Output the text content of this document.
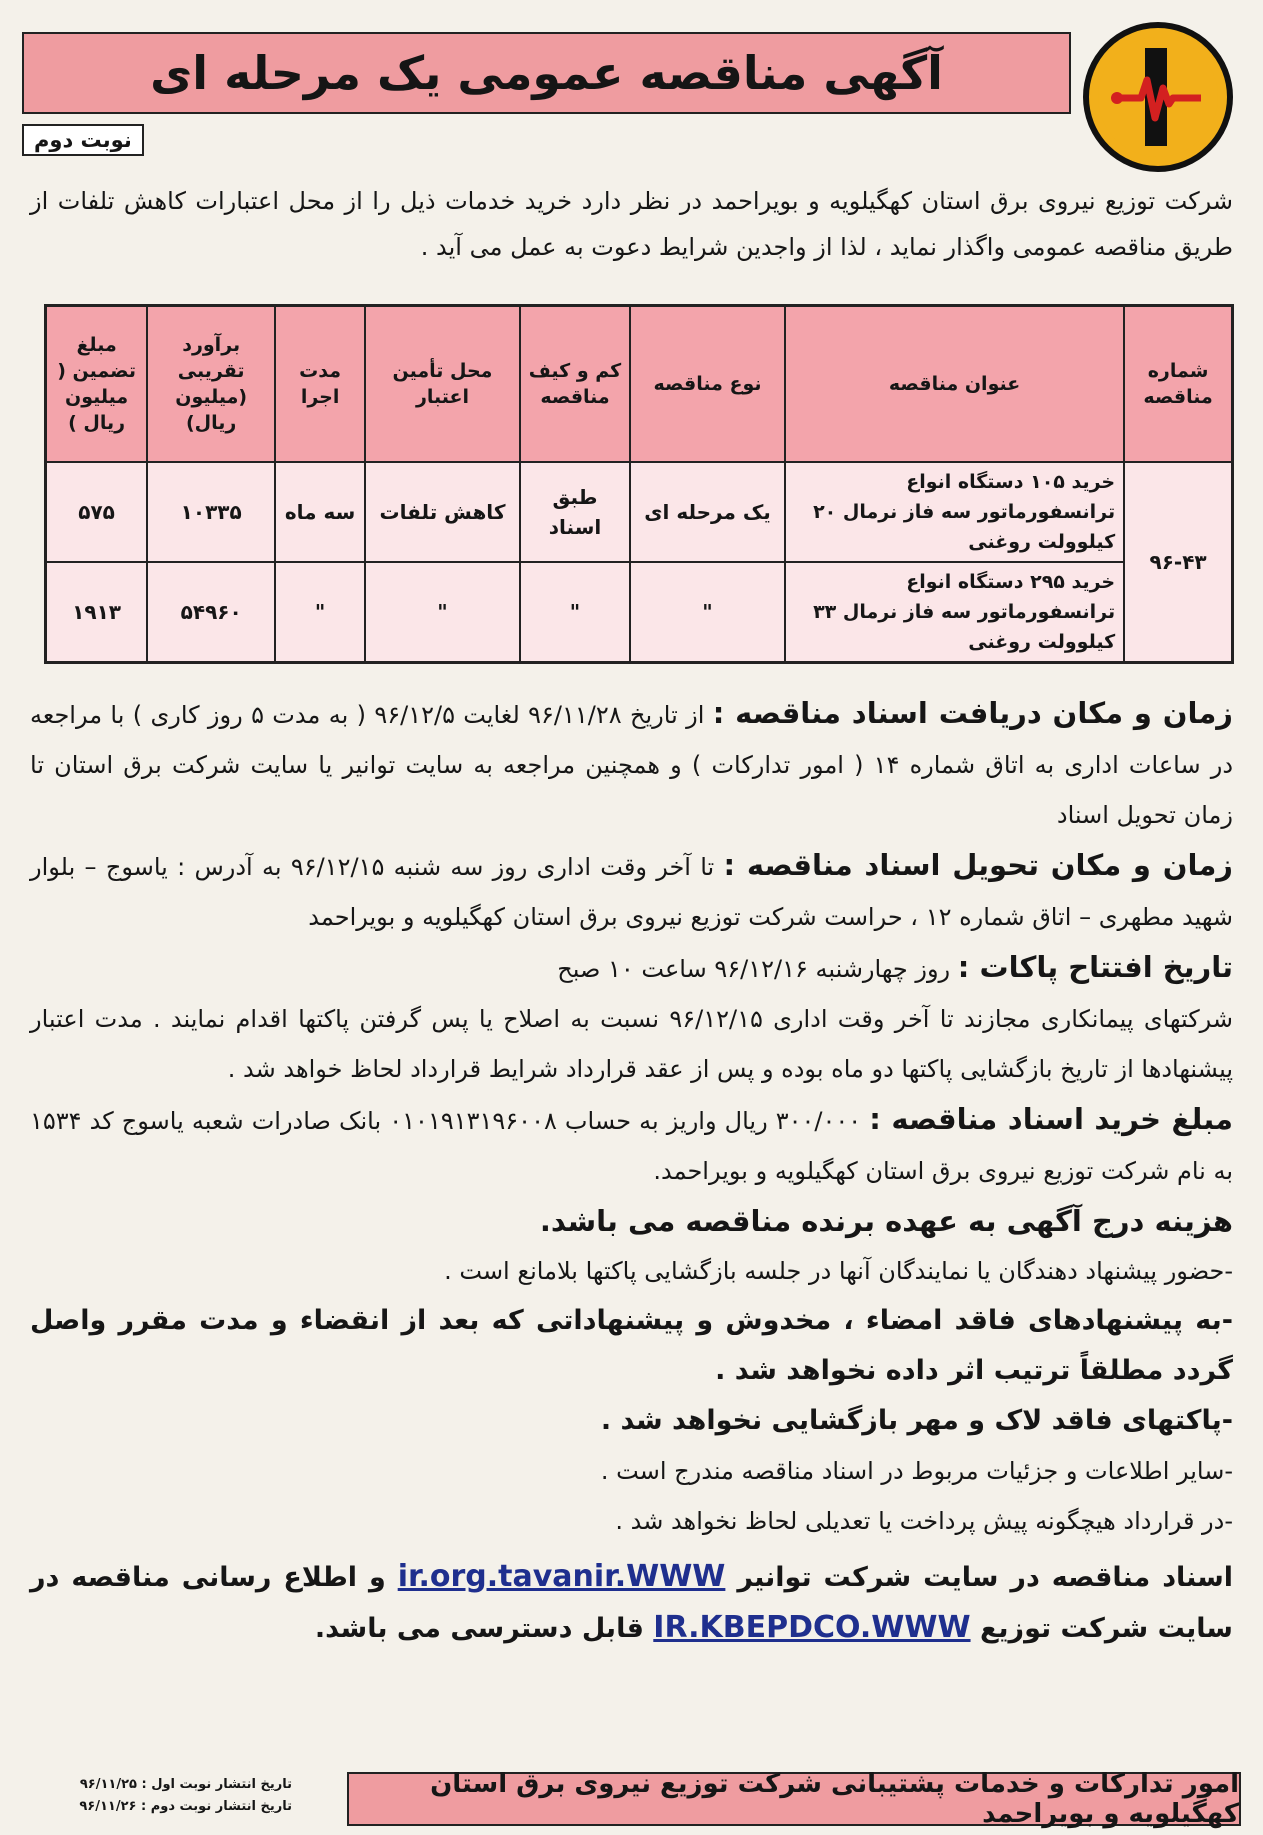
آگهی مناقصه عمومی یک مرحله ای
نوبت دوم
شرکت توزیع نیروی برق استان کهگیلویه و بویراحمد در نظر دارد خرید خدمات ذیل را از محل اعتبارات کاهش تلفات از طریق مناقصه عمومی واگذار نماید ، لذا از واجدین شرایط دعوت به عمل می آید .
شماره مناقصه	عنوان مناقصه	نوع مناقصه	کم و کیف مناقصه	محل تأمین اعتبار	مدت اجرا	برآورد تقریبی (میلیون ریال)	مبلغ تضمین ( میلیون ریال )
۹۶-۴۳	خرید ۱۰۵ دستگاه انواع ترانسفورماتور سه فاز نرمال ۲۰ کیلوولت روغنی	یک مرحله ای	طبق اسناد	کاهش تلفات	سه ماه	۱۰۳۳۵	۵۷۵
	خرید ۲۹۵ دستگاه انواع ترانسفورماتور سه فاز نرمال ۳۳ کیلوولت روغنی	"	"	"	"	۵۴۹۶۰	۱۹۱۳

زمان و مکان دریافت اسناد مناقصه : از تاریخ ۹۶/۱۱/۲۸ لغایت ۹۶/۱۲/۵ ( به مدت ۵ روز کاری ) با مراجعه در ساعات اداری به اتاق شماره ۱۴ ( امور تدارکات ) و همچنین مراجعه به سایت توانیر یا سایت شرکت برق استان تا زمان تحویل اسناد

زمان و مکان تحویل اسناد مناقصه : تا آخر وقت اداری روز سه شنبه ۹۶/۱۲/۱۵ به آدرس : یاسوج – بلوار شهید مطهری – اتاق شماره ۱۲ ، حراست شرکت توزیع نیروی برق استان کهگیلویه و بویراحمد

تاریخ افتتاح پاکات : روز چهارشنبه ۹۶/۱۲/۱۶ ساعت ۱۰ صبح

شرکتهای پیمانکاری مجازند تا آخر وقت اداری ۹۶/۱۲/۱۵ نسبت به اصلاح یا پس گرفتن پاکتها اقدام نمایند . مدت اعتبار پیشنهادها از تاریخ بازگشایی پاکتها دو ماه بوده و پس از عقد قرارداد شرایط قرارداد لحاظ خواهد شد .

مبلغ خرید اسناد مناقصه : ۳۰۰/۰۰۰ ریال واریز به حساب ۰۱۰۱۹۱۳۱۹۶۰۰۸ بانک صادرات شعبه یاسوج کد ۱۵۳۴ به نام شرکت توزیع نیروی برق استان کهگیلویه و بویراحمد.

هزینه درج آگهی به عهده برنده مناقصه می باشد.

-حضور پیشنهاد دهندگان یا نمایندگان آنها در جلسه بازگشایی پاکتها بلامانع است .

-به پیشنهادهای فاقد امضاء ، مخدوش و پیشنهاداتی که بعد از انقضاء و مدت مقرر واصل گردد مطلقاً ترتیب اثر داده نخواهد شد .

-پاکتهای فاقد لاک و مهر بازگشایی نخواهد شد .

-سایر اطلاعات و جزئیات مربوط در اسناد مناقصه مندرج است .

-در قرارداد هیچگونه پیش پرداخت یا تعدیلی لحاظ نخواهد شد .

اسناد مناقصه در سایت شرکت توانیر ir.org.tavanir.WWW و اطلاع رسانی مناقصه در سایت شرکت توزیع IR.KBEPDCO.WWW قابل دسترسی می باشد.

امور تدارکات و خدمات پشتیبانی شرکت توزیع نیروی برق استان کهگیلویه و بویراحمد
تاریخ انتشار نوبت اول : ۹۶/۱۱/۲۵
تاریخ انتشار نوبت دوم : ۹۶/۱۱/۲۶
